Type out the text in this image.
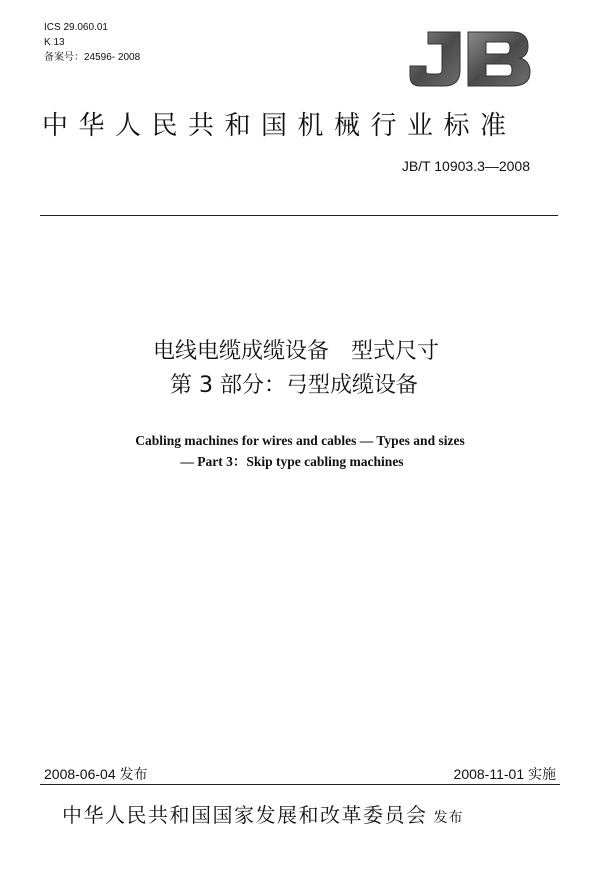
ICS 29.060.01
K 13
备案号：24596- 2008
中华人民共和国机械行业标准
JB/T 10903.3—2008
电线电缆成缆设备　型式尺寸
第 3 部分：弓型成缆设备
Cabling machines for wires and cables — Types and sizes
— Part 3：Skip type cabling machines
2008-06-04 发布	2008-11-01 实施
中华人民共和国国家发展和改革委员会 发布
